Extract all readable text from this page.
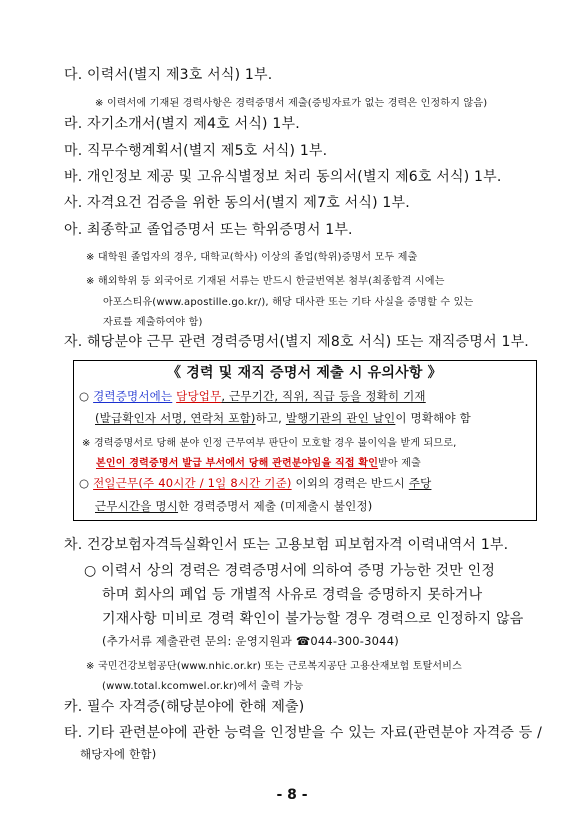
다. 이력서(별지 제3호 서식) 1부.
※ 이력서에 기재된 경력사항은 경력증명서 제출(증빙자료가 없는 경력은 인정하지 않음)
라. 자기소개서(별지 제4호 서식) 1부.
마. 직무수행계획서(별지 제5호 서식) 1부.
바. 개인정보 제공 및 고유식별정보 처리 동의서(별지 제6호 서식) 1부.
사. 자격요건 검증을 위한 동의서(별지 제7호 서식) 1부.
아. 최종학교 졸업증명서 또는 학위증명서 1부.
※ 대학원 졸업자의 경우, 대학교(학사) 이상의 졸업(학위)증명서 모두 제출
※ 해외학위 등 외국어로 기재된 서류는 반드시 한글번역본 첨부(최종합격 시에는
아포스티유(www.apostille.go.kr/), 해당 대사관 또는 기타 사실을 증명할 수 있는
자료를 제출하여야 함)
자. 해당분야 근무 관련 경력증명서(별지 제8호 서식) 또는 재직증명서 1부.
《 경력 및 재직 증명서 제출 시 유의사항 》
○ 경력증명서에는 담당업무, 근무기간, 직위, 직급 등을 정확히 기재
(발급확인자 서명, 연락처 포함)하고, 발행기관의 관인 날인이 명확해야 함
※ 경력증명서로 당해 분야 인정 근무여부 판단이 모호할 경우 불이익을 받게 되므로,
본인이 경력증명서 발급 부서에서 당해 관련분야임을 직접 확인받아 제출
○ 전일근무(주 40시간 / 1일 8시간 기준) 이외의 경력은 반드시 주당
근무시간을 명시한 경력증명서 제출 (미제출시 불인정)
차. 건강보험자격득실확인서 또는 고용보험 피보험자격 이력내역서 1부.
○ 이력서 상의 경력은 경력증명서에 의하여 증명 가능한 것만 인정
하며 회사의 폐업 등 개별적 사유로 경력을 증명하지 못하거나
기재사항 미비로 경력 확인이 불가능할 경우 경력으로 인정하지 않음
(추가서류 제출관련 문의: 운영지원과 ☎044-300-3044)
※ 국민건강보험공단(www.nhic.or.kr) 또는 근로복지공단 고용산재보험 토탈서비스
(www.total.kcomwel.or.kr)에서 출력 가능
카. 필수 자격증(해당분야에 한해 제출)
타. 기타 관련분야에 관한 능력을 인정받을 수 있는 자료(관련분야 자격증 등 /
해당자에 한함)
- 8 -
